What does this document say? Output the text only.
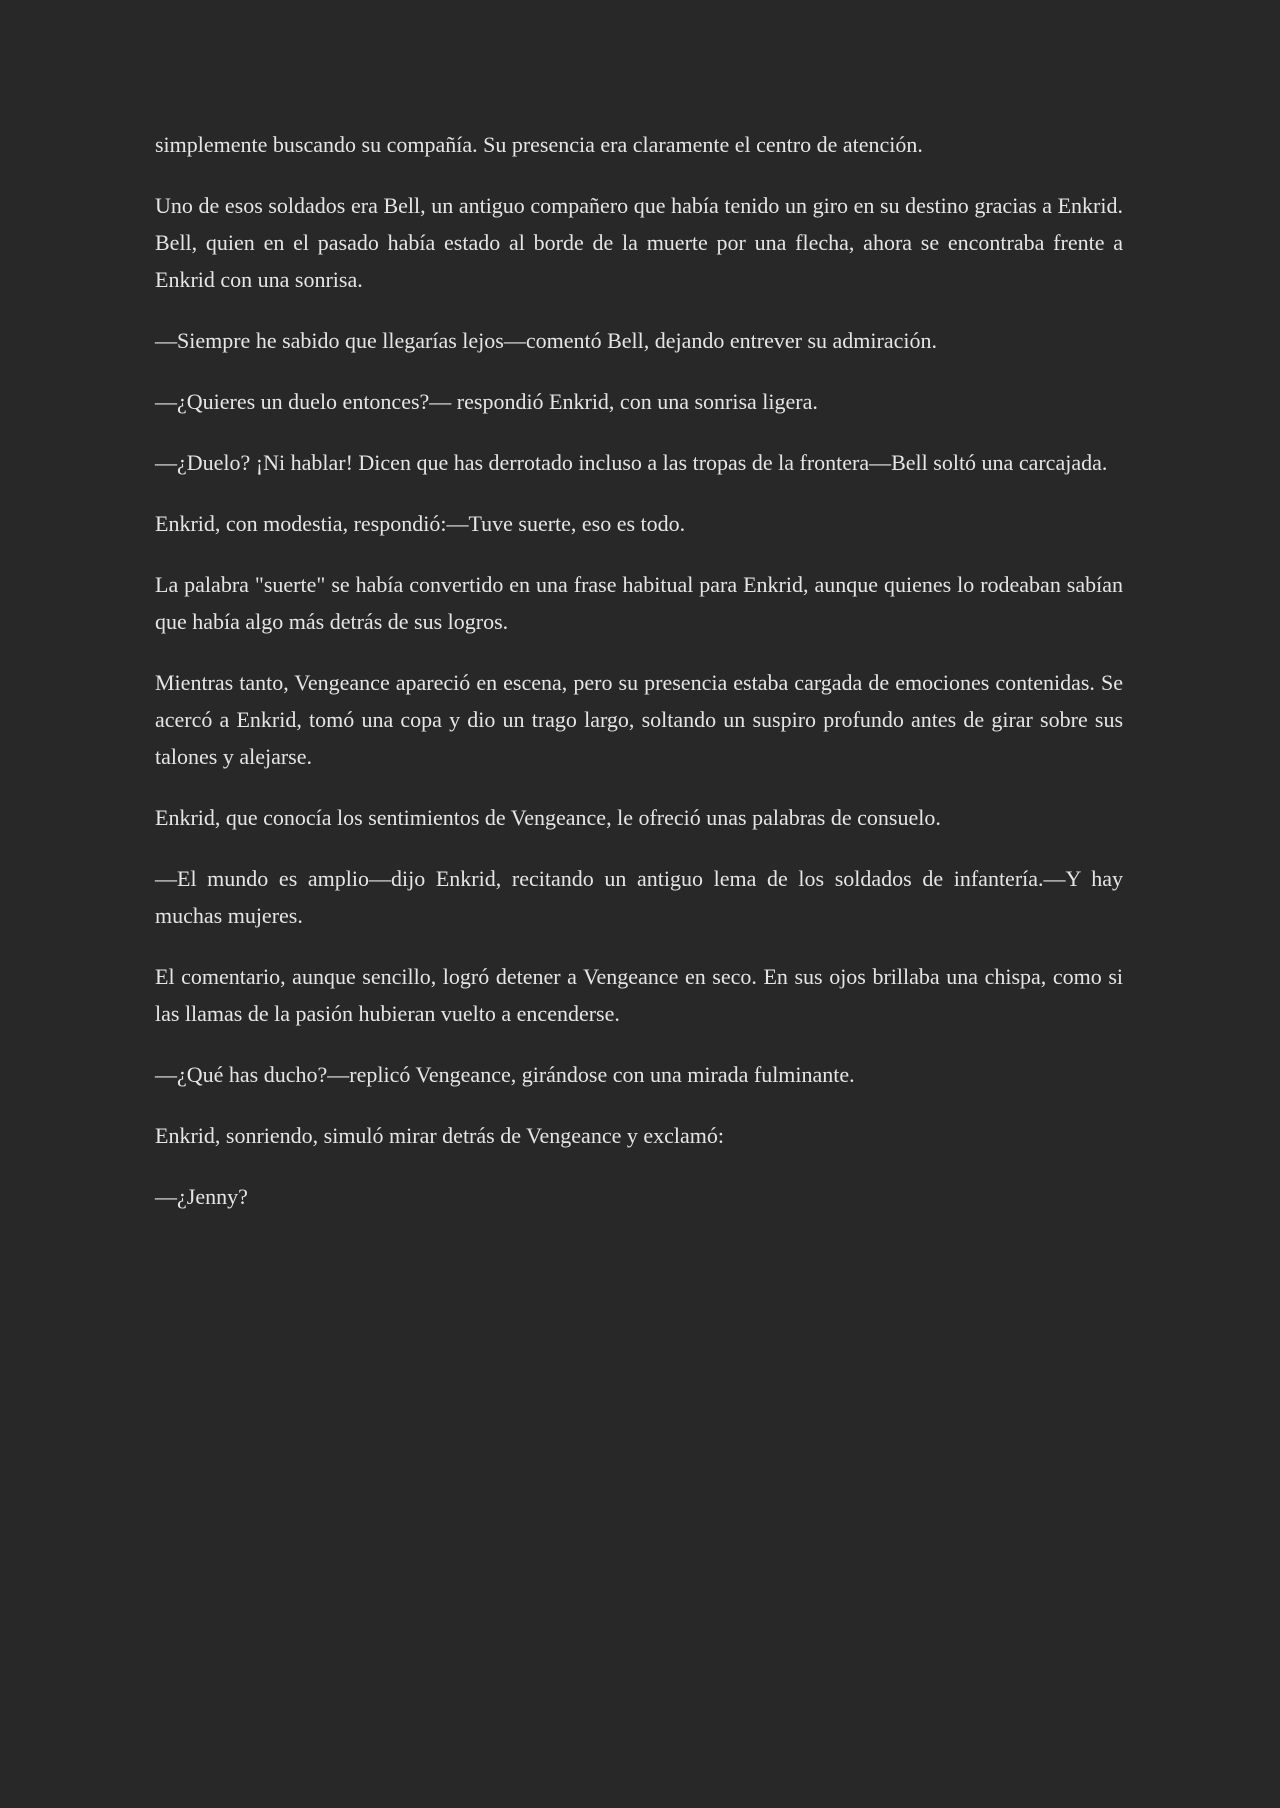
simplemente buscando su compañía. Su presencia era claramente el centro de atención.

Uno de esos soldados era Bell, un antiguo compañero que había tenido un giro en su destino gracias a Enkrid. Bell, quien en el pasado había estado al borde de la muerte por una flecha, ahora se encontraba frente a Enkrid con una sonrisa.

—Siempre he sabido que llegarías lejos—comentó Bell, dejando entrever su admiración.

—¿Quieres un duelo entonces?— respondió Enkrid, con una sonrisa ligera.

—¿Duelo? ¡Ni hablar! Dicen que has derrotado incluso a las tropas de la frontera—Bell soltó una carcajada.

Enkrid, con modestia, respondió:—Tuve suerte, eso es todo.

La palabra "suerte" se había convertido en una frase habitual para Enkrid, aunque quienes lo rodeaban sabían que había algo más detrás de sus logros.

Mientras tanto, Vengeance apareció en escena, pero su presencia estaba cargada de emociones contenidas. Se acercó a Enkrid, tomó una copa y dio un trago largo, soltando un suspiro profundo antes de girar sobre sus talones y alejarse.

Enkrid, que conocía los sentimientos de Vengeance, le ofreció unas palabras de consuelo.

—El mundo es amplio—dijo Enkrid, recitando un antiguo lema de los soldados de infantería.—Y hay muchas mujeres.

El comentario, aunque sencillo, logró detener a Vengeance en seco. En sus ojos brillaba una chispa, como si las llamas de la pasión hubieran vuelto a encenderse.

—¿Qué has ducho?—replicó Vengeance, girándose con una mirada fulminante.

Enkrid, sonriendo, simuló mirar detrás de Vengeance y exclamó:

—¿Jenny?
